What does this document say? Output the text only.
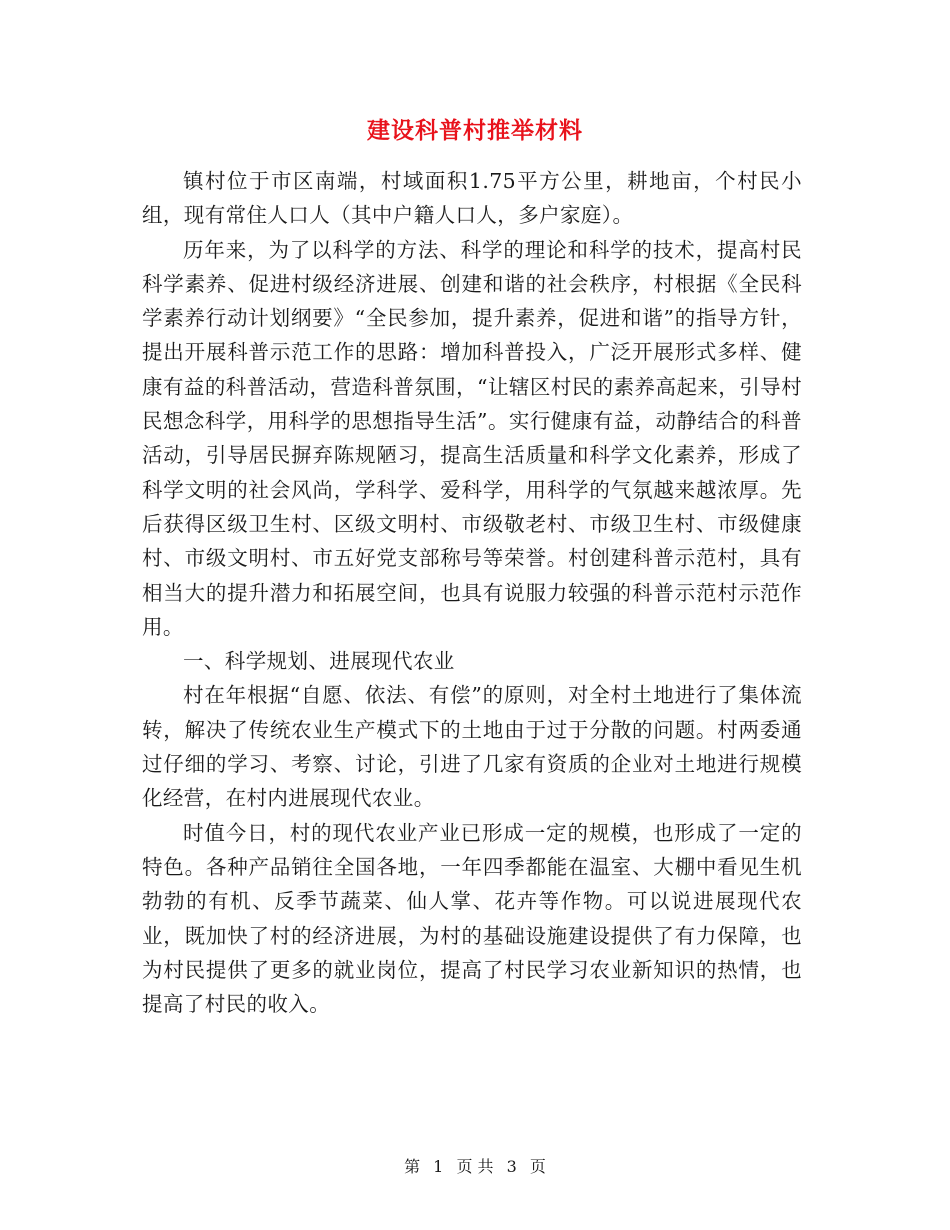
建设科普村推举材料

镇村位于市区南端，村域面积1.75平方公里，耕地亩，个村民小组，现有常住人口人（其中户籍人口人，多户家庭）。

历年来，为了以科学的方法、科学的理论和科学的技术，提高村民科学素养、促进村级经济进展、创建和谐的社会秩序，村根据《全民科学素养行动计划纲要》“全民参加，提升素养，促进和谐”的指导方针，提出开展科普示范工作的思路：增加科普投入，广泛开展形式多样、健康有益的科普活动，营造科普氛围，“让辖区村民的素养高起来，引导村民想念科学，用科学的思想指导生活”。实行健康有益，动静结合的科普活动，引导居民摒弃陈规陋习，提高生活质量和科学文化素养，形成了科学文明的社会风尚，学科学、爱科学，用科学的气氛越来越浓厚。先后获得区级卫生村、区级文明村、市级敬老村、市级卫生村、市级健康村、市级文明村、市五好党支部称号等荣誉。村创建科普示范村，具有相当大的提升潜力和拓展空间，也具有说服力较强的科普示范村示范作用。

一、科学规划、进展现代农业

村在年根据“自愿、依法、有偿”的原则，对全村土地进行了集体流转，解决了传统农业生产模式下的土地由于过于分散的问题。村两委通过仔细的学习、考察、讨论，引进了几家有资质的企业对土地进行规模化经营，在村内进展现代农业。

时值今日，村的现代农业产业已形成一定的规模，也形成了一定的特色。各种产品销往全国各地，一年四季都能在温室、大棚中看见生机勃勃的有机、反季节蔬菜、仙人掌、花卉等作物。可以说进展现代农业，既加快了村的经济进展，为村的基础设施建设提供了有力保障，也为村民提供了更多的就业岗位，提高了村民学习农业新知识的热情，也提高了村民的收入。

第 1 页 共 3 页
